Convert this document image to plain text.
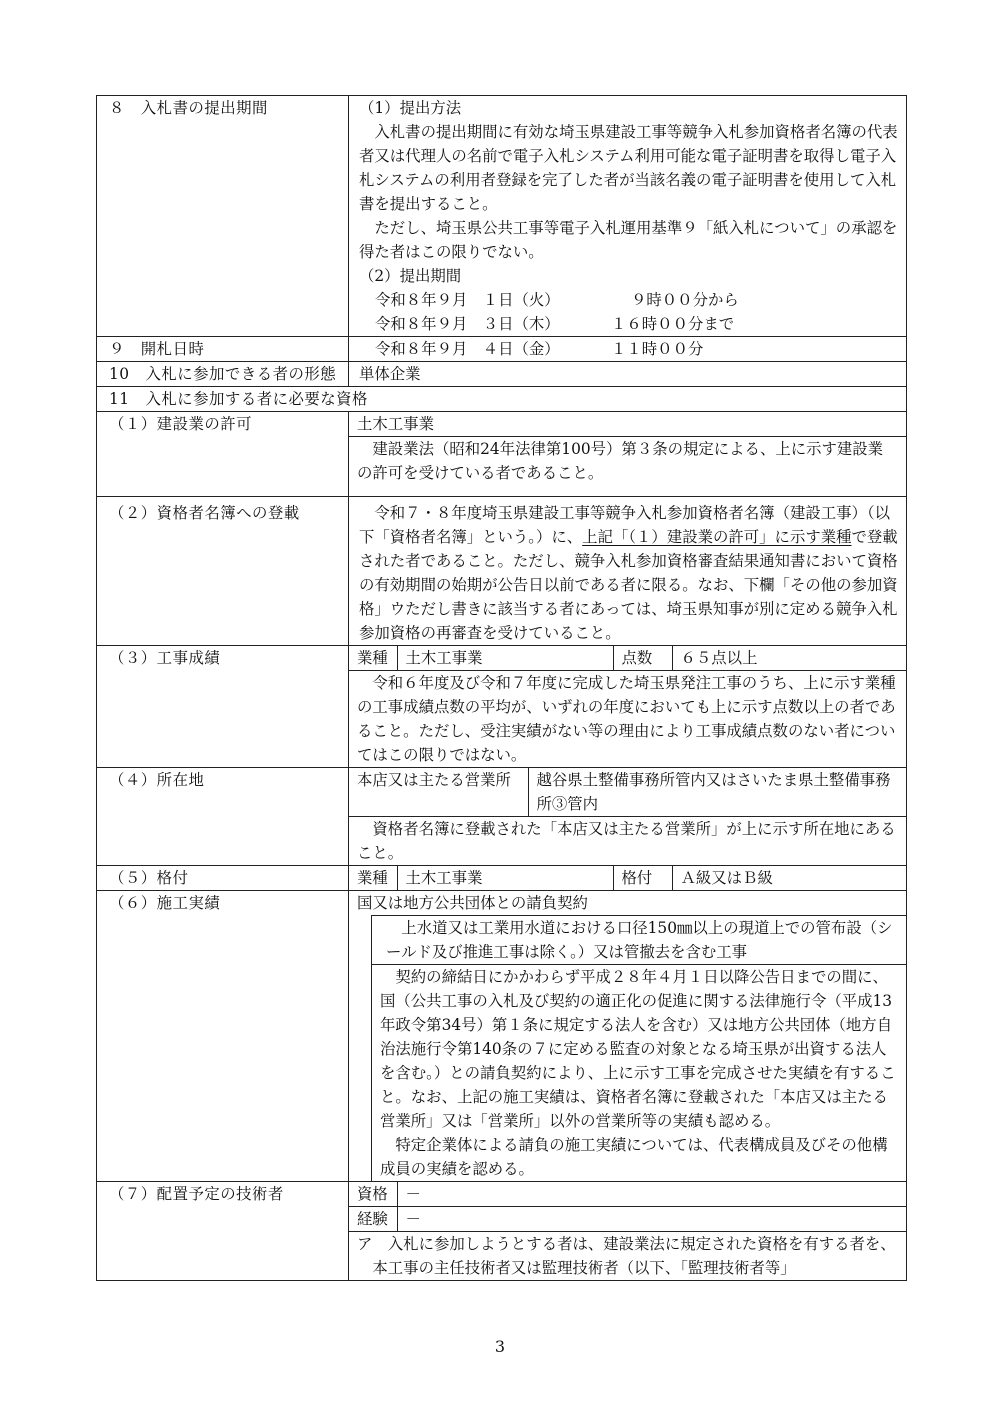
８　入札書の提出期間	（1）提出方法

入札書の提出期間に有効な埼玉県建設工事等競争入札参加資格者名簿の代表者又は代理人の名前で電子入札システム利用可能な電子証明書を取得し電子入札システムの利用者登録を完了した者が当該名義の電子証明書を使用して入札書を提出すること。

ただし、埼玉県公共工事等電子入札運用基準９「紙入札について」の承認を得た者はこの限りでない。

（2）提出期間

令和８年９月　１日（火）	９時００分から

令和８年９月　３日（木）	１６時００分まで

９　開札日時	令和８年９月　４日（金）	１１時００分

10　入札に参加できる者の形態	単体企業
11　入札に参加する者に必要な資格
（１）建設業の許可		土木工事業

建設業法（昭和24年法律第100号）第３条の規定による、上に示す建設業の許可を受けている者であること。

（２）資格者名簿への登載	令和７・８年度埼玉県建設工事等競争入札参加資格者名簿（建設工事）（以下「資格者名簿」という。）に、上記「（１）建設業の許可」に示す業種で登載された者であること。ただし、競争入札参加資格審査結果通知書において資格の有効期間の始期が公告日以前である者に限る。なお、下欄「その他の参加資格」ウただし書きに該当する者にあっては、埼玉県知事が別に定める競争入札参加資格の再審査を受けていること。

（３）工事成績		業種	土木工事業	点数	６５点以上

令和６年度及び令和７年度に完成した埼玉県発注工事のうち、上に示す業種の工事成績点数の平均が、いずれの年度においても上に示す点数以上の者であること。ただし、受注実績がない等の理由により工事成績点数のない者についてはこの限りではない。

（４）所在地		本店又は主たる営業所	越谷県土整備事務所管内又はさいたま県土整備事務所③管内

資格者名簿に登載された「本店又は主たる営業所」が上に示す所在地にあること。

（５）格付		業種	土木工事業	格付	Ａ級又はＢ級

（６）施工実績	国又は地方公共団体との請負契約

上水道又は工業用水道における口径150㎜以上の現道上での管布設（シールド及び推進工事は除く。）又は管撤去を含む工事

契約の締結日にかかわらず平成２８年４月１日以降公告日までの間に、国（公共工事の入札及び契約の適正化の促進に関する法律施行令（平成13年政令第34号）第１条に規定する法人を含む）又は地方公共団体（地方自治法施行令第140条の７に定める監査の対象となる埼玉県が出資する法人を含む。）との請負契約により、上に示す工事を完成させた実績を有すること。なお、上記の施工実績は、資格者名簿に登載された「本店又は主たる営業所」又は「営業所」以外の営業所等の実績も認める。

特定企業体による請負の施工実績については、代表構成員及びその他構成員の実績を認める。

（７）配置予定の技術者		資格	－
経験	－

ア　入札に参加しようとする者は、建設業法に規定された資格を有する者を、本工事の主任技術者又は監理技術者（以下、「監理技術者等」

3
